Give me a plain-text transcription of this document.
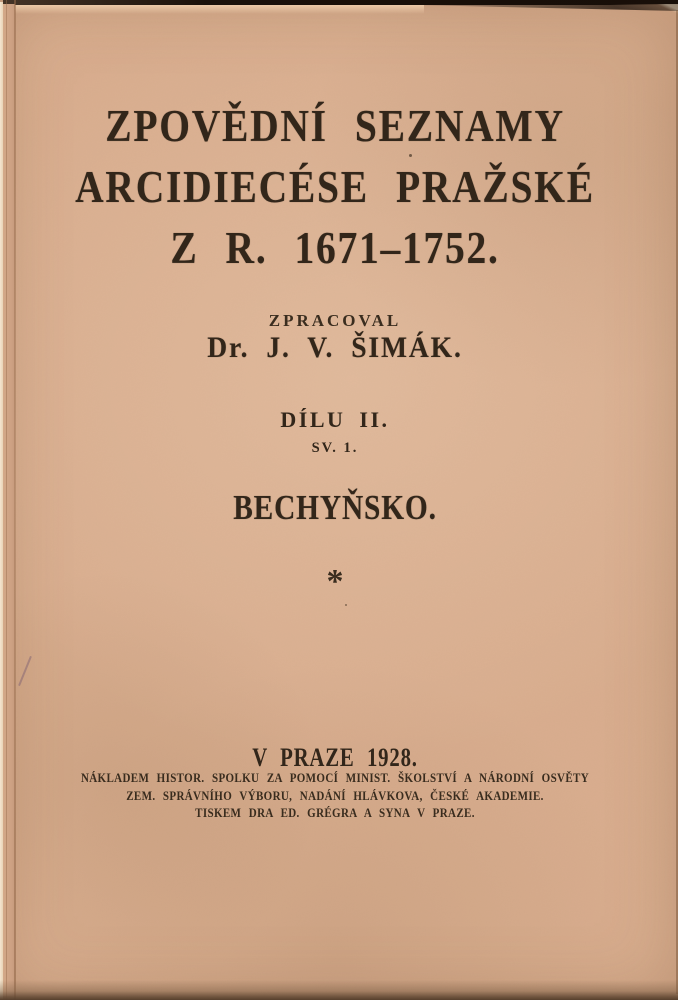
ZPOVĚDNÍ SEZNAMY
ARCIDIECÉSE PRAŽSKÉ
Z R. 1671–1752.
ZPRACOVAL
Dr. J. V. ŠIMÁK.
DÍLU II.
SV. 1.
BECHYŇSKO.
*
V PRAZE 1928.
NÁKLADEM HISTOR. SPOLKU ZA POMOCÍ MINIST. ŠKOLSTVÍ A NÁRODNÍ OSVĚTY
ZEM. SPRÁVNÍHO VÝBORU, NADÁNÍ HLÁVKOVA, ČESKÉ AKADEMIE.
TISKEM DRA ED. GRÉGRA A SYNA V PRAZE.
